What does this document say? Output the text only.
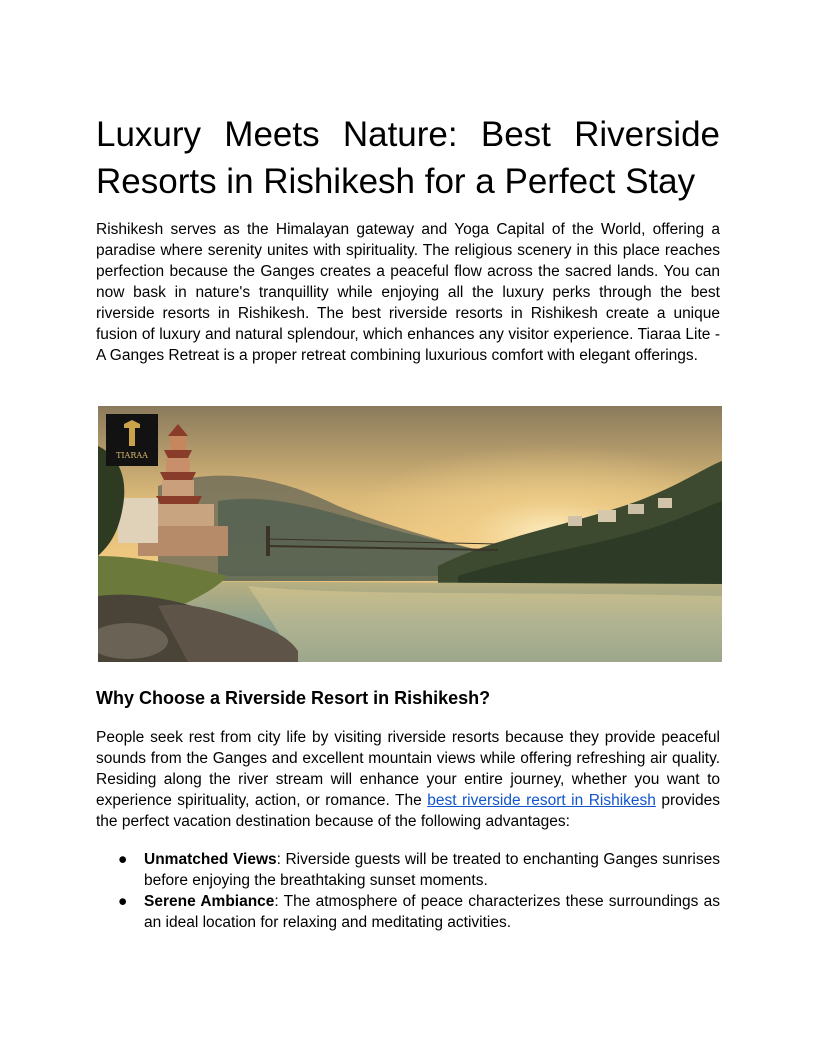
Luxury Meets Nature: Best Riverside Resorts in Rishikesh for a Perfect Stay

Rishikesh serves as the Himalayan gateway and Yoga Capital of the World, offering a paradise where serenity unites with spirituality. The religious scenery in this place reaches perfection because the Ganges creates a peaceful flow across the sacred lands. You can now bask in nature's tranquillity while enjoying all the luxury perks through the best riverside resorts in Rishikesh. The best riverside resorts in Rishikesh create a unique fusion of luxury and natural splendour, which enhances any visitor experience. Tiaraa Lite - A Ganges Retreat is a proper retreat combining luxurious comfort with elegant offerings.

TIARAA
Why Choose a Riverside Resort in Rishikesh?

People seek rest from city life by visiting riverside resorts because they provide peaceful sounds from the Ganges and excellent mountain views while offering refreshing air quality. Residing along the river stream will enhance your entire journey, whether you want to experience spirituality, action, or romance. The best riverside resort in Rishikesh provides the perfect vacation destination because of the following advantages:

● Unmatched Views: Riverside guests will be treated to enchanting Ganges sunrises before enjoying the breathtaking sunset moments.
● Serene Ambiance: The atmosphere of peace characterizes these surroundings as an ideal location for relaxing and meditating activities.
